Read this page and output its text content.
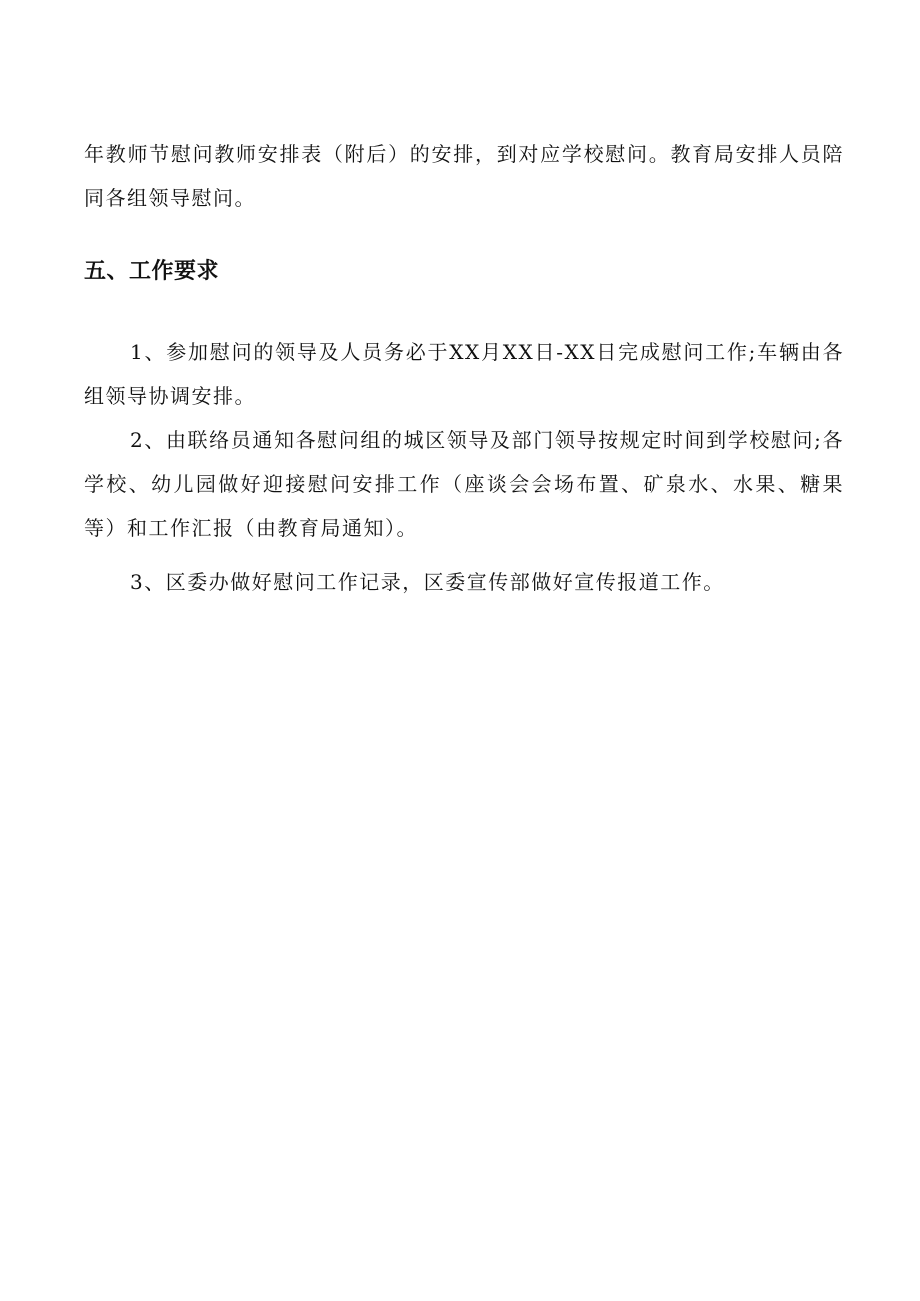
年教师节慰问教师安排表（附后）的安排，到对应学校慰问。教育局安排人员陪同各组领导慰问。

五、工作要求

1、参加慰问的领导及人员务必于XX月XX日-XX日完成慰问工作;车辆由各组领导协调安排。

2、由联络员通知各慰问组的城区领导及部门领导按规定时间到学校慰问;各学校、幼儿园做好迎接慰问安排工作（座谈会会场布置、矿泉水、水果、糖果等）和工作汇报（由教育局通知）。

3、区委办做好慰问工作记录，区委宣传部做好宣传报道工作。
